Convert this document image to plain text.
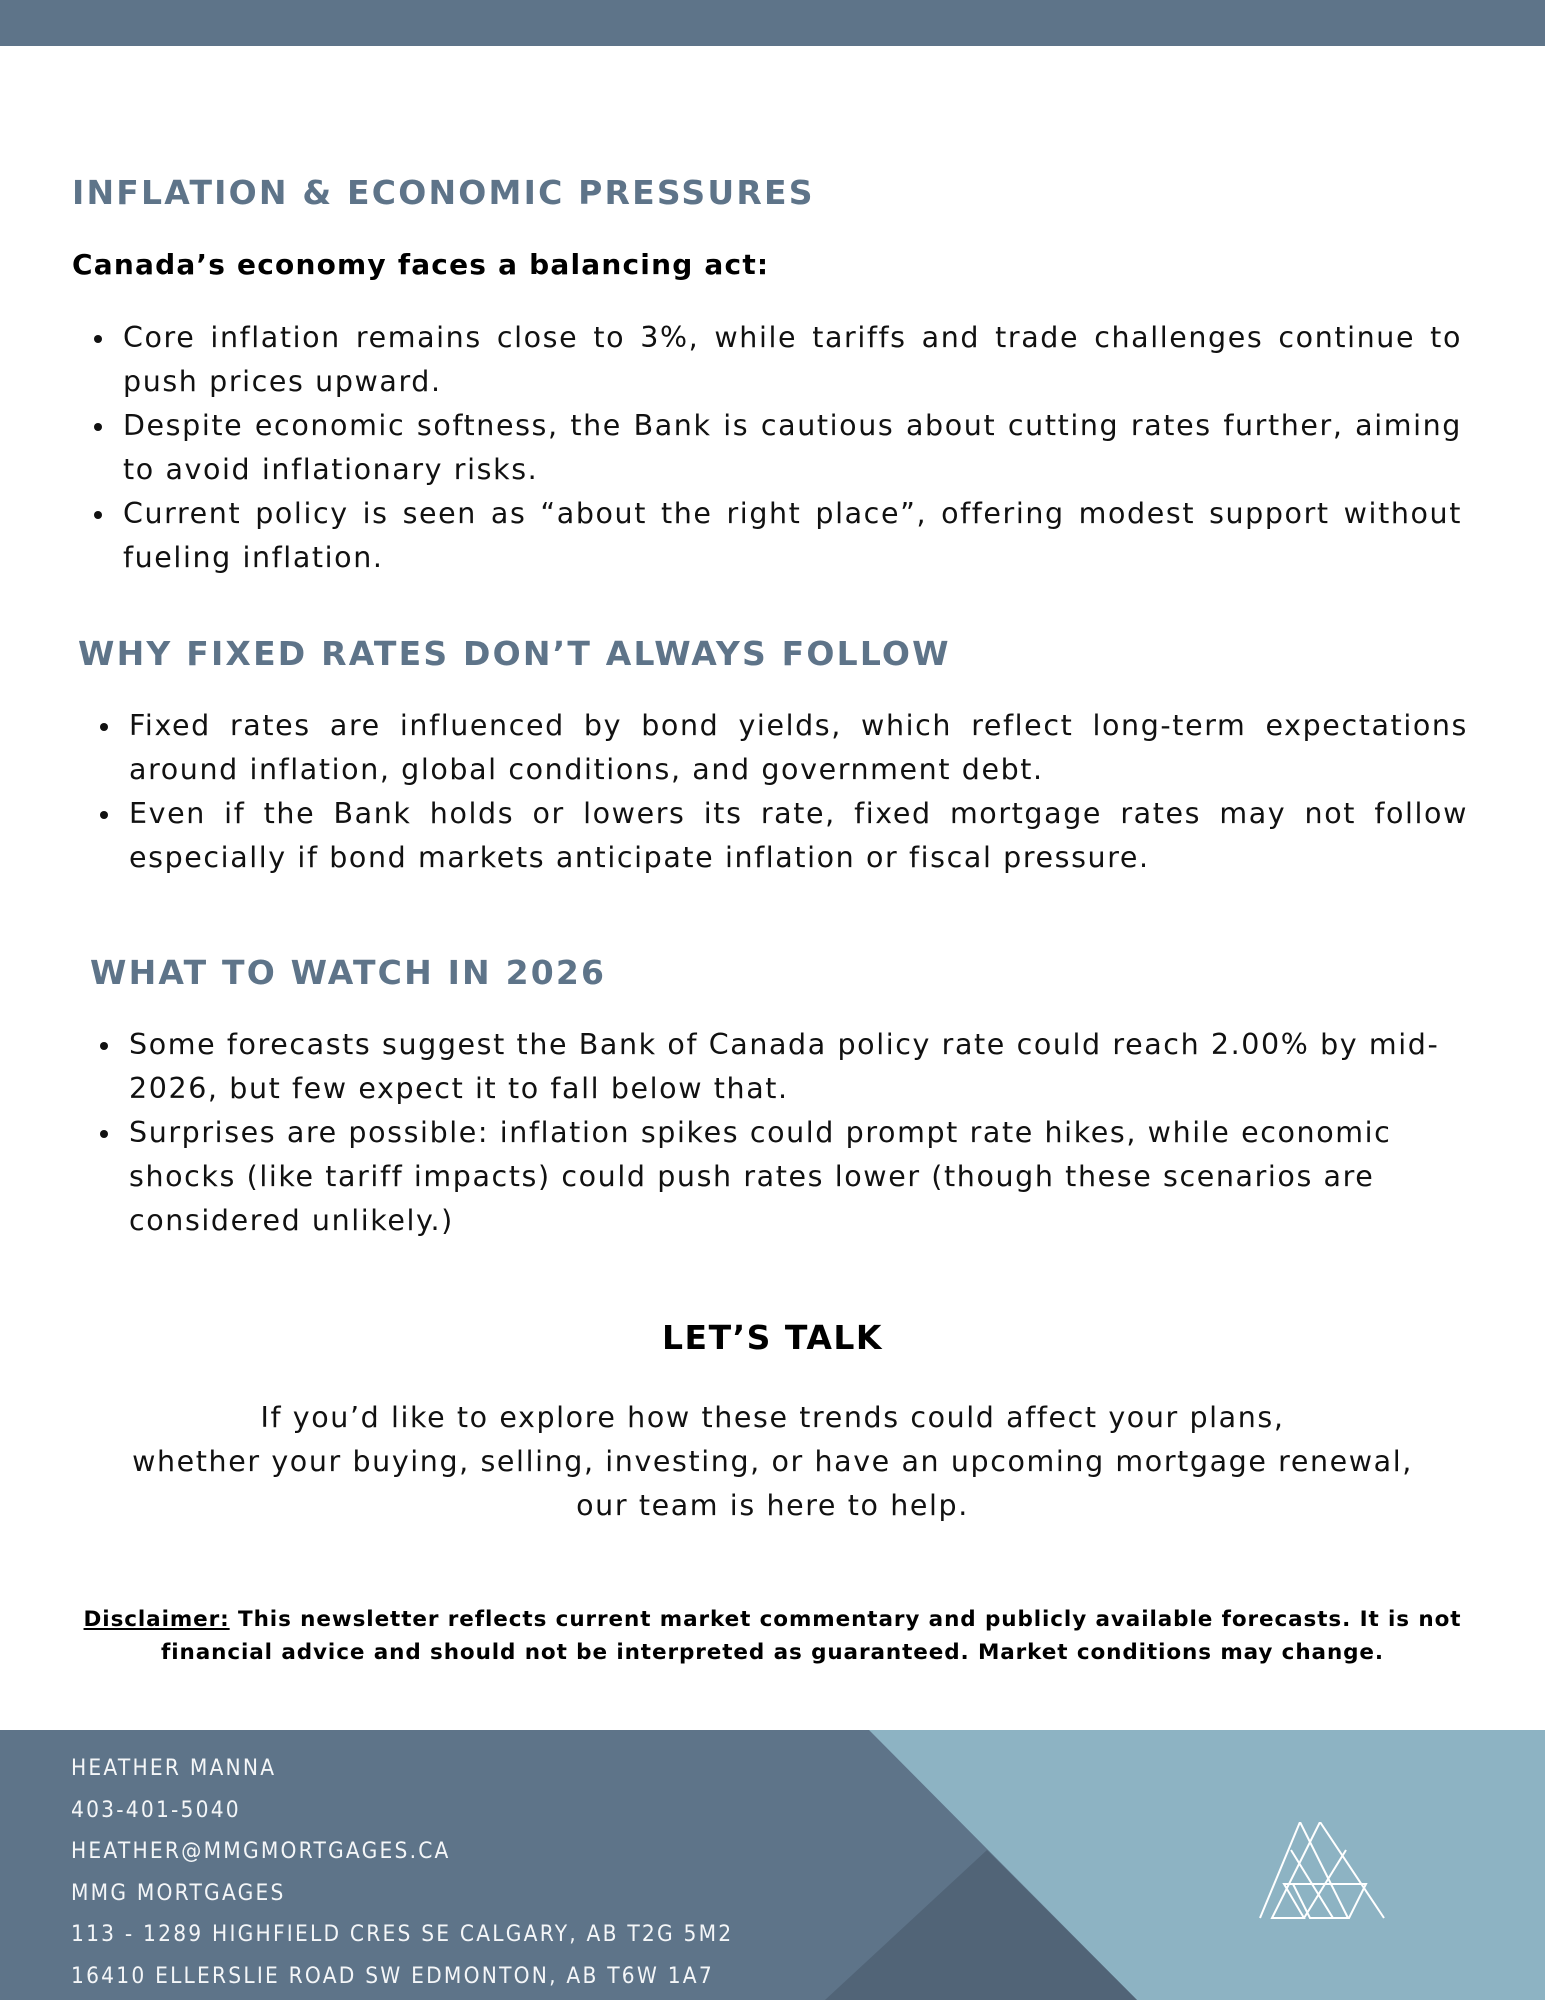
INFLATION & ECONOMIC PRESSURES

Canada’s economy faces a balancing act:

Core inflation remains close to 3%, while tariffs and trade challenges continue to push prices upward.
Despite economic softness, the Bank is cautious about cutting rates further, aiming to avoid inflationary risks.
Current policy is seen as “about the right place”, offering modest support without fueling inflation.
WHY FIXED RATES DON’T ALWAYS FOLLOW
Fixed rates are influenced by bond yields, which reflect long-term expectations around inflation, global conditions, and government debt.
Even if the Bank holds or lowers its rate, fixed mortgage rates may not follow especially if bond markets anticipate inflation or fiscal pressure.
WHAT TO WATCH IN 2026
Some forecasts suggest the Bank of Canada policy rate could reach 2.00% by mid-2026, but few expect it to fall below that.
Surprises are possible: inflation spikes could prompt rate hikes, while economic shocks (like tariff impacts) could push rates lower (though these scenarios are considered unlikely.)
LET’S TALK

If you’d like to explore how these trends could affect your plans,
whether your buying, selling, investing, or have an upcoming mortgage renewal,
our team is here to help.

Disclaimer: This newsletter reflects current market commentary and publicly available forecasts. It is not financial advice and should not be interpreted as guaranteed. Market conditions may change.

HEATHER MANNA
403-401-5040
HEATHER@MMGMORTGAGES.CA
MMG MORTGAGES
113 - 1289 HIGHFIELD CRES SE CALGARY, AB T2G 5M2
16410 ELLERSLIE ROAD SW EDMONTON, AB T6W 1A7
